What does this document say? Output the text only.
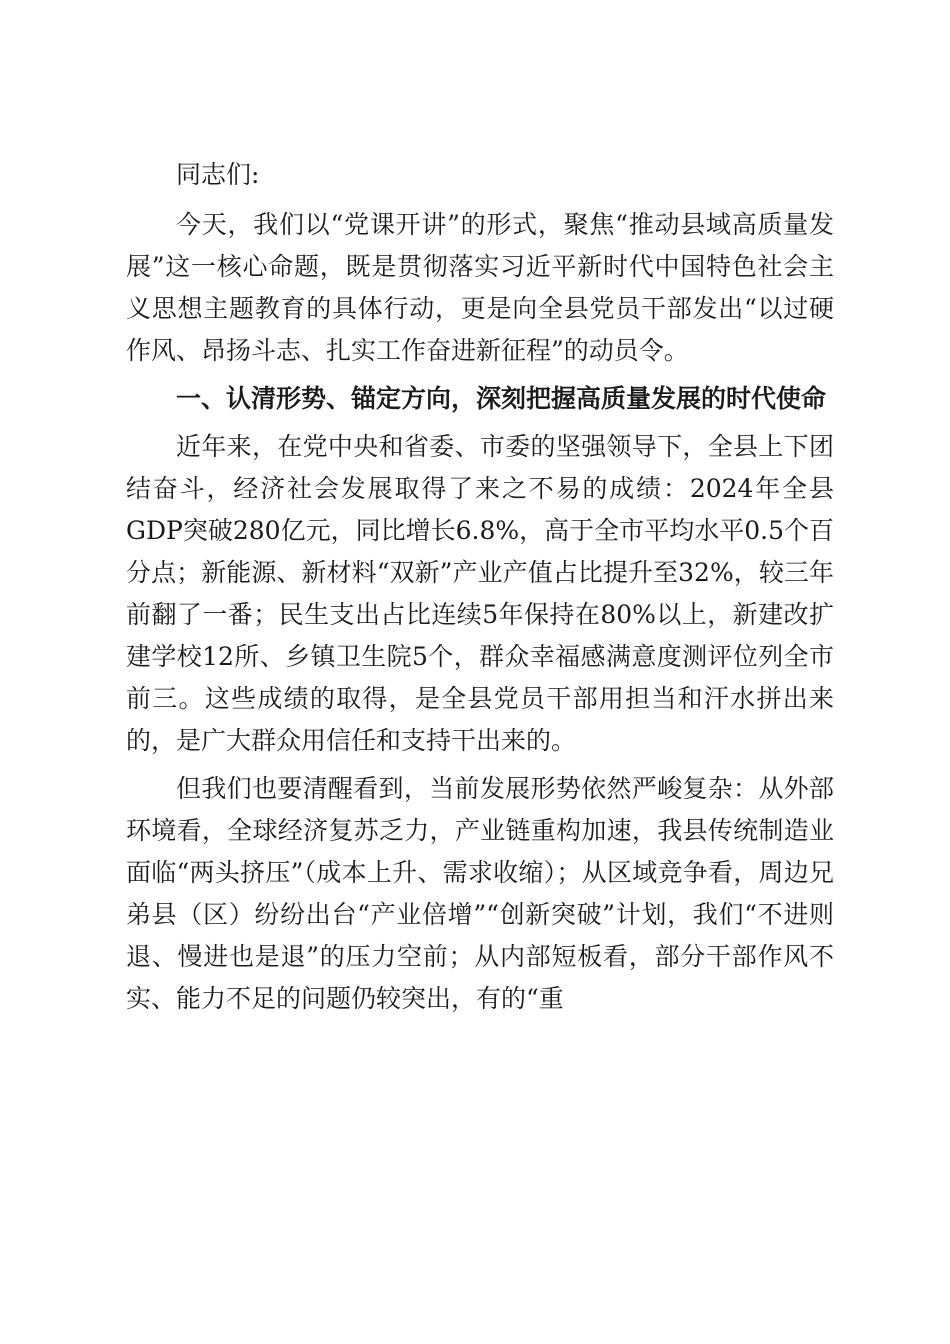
同志们:

今天，我们以“党课开讲”的形式，聚焦“推动县域高质量发展”这一核心命题，既是贯彻落实习近平新时代中国特色社会主义思想主题教育的具体行动，更是向全县党员干部发出“以过硬作风、昂扬斗志、扎实工作奋进新征程”的动员令。

一、认清形势、锚定方向，深刻把握高质量发展的时代使命

近年来，在党中央和省委、市委的坚强领导下，全县上下团结奋斗，经济社会发展取得了来之不易的成绩：2024年全县GDP突破280亿元，同比增长6.8%，高于全市平均水平0.5个百分点；新能源、新材料“双新”产业产值占比提升至32%，较三年前翻了一番；民生支出占比连续5年保持在80%以上，新建改扩建学校12所、乡镇卫生院5个，群众幸福感满意度测评位列全市前三。这些成绩的取得，是全县党员干部用担当和汗水拼出来的，是广大群众用信任和支持干出来的。

但我们也要清醒看到，当前发展形势依然严峻复杂：从外部环境看，全球经济复苏乏力，产业链重构加速，我县传统制造业面临“两头挤压”（成本上升、需求收缩）；从区域竞争看，周边兄弟县（区）纷纷出台“产业倍增”“创新突破”计划，我们“不进则退、慢进也是退”的压力空前；从内部短板看，部分干部作风不实、能力不足的问题仍较突出，有的“重
